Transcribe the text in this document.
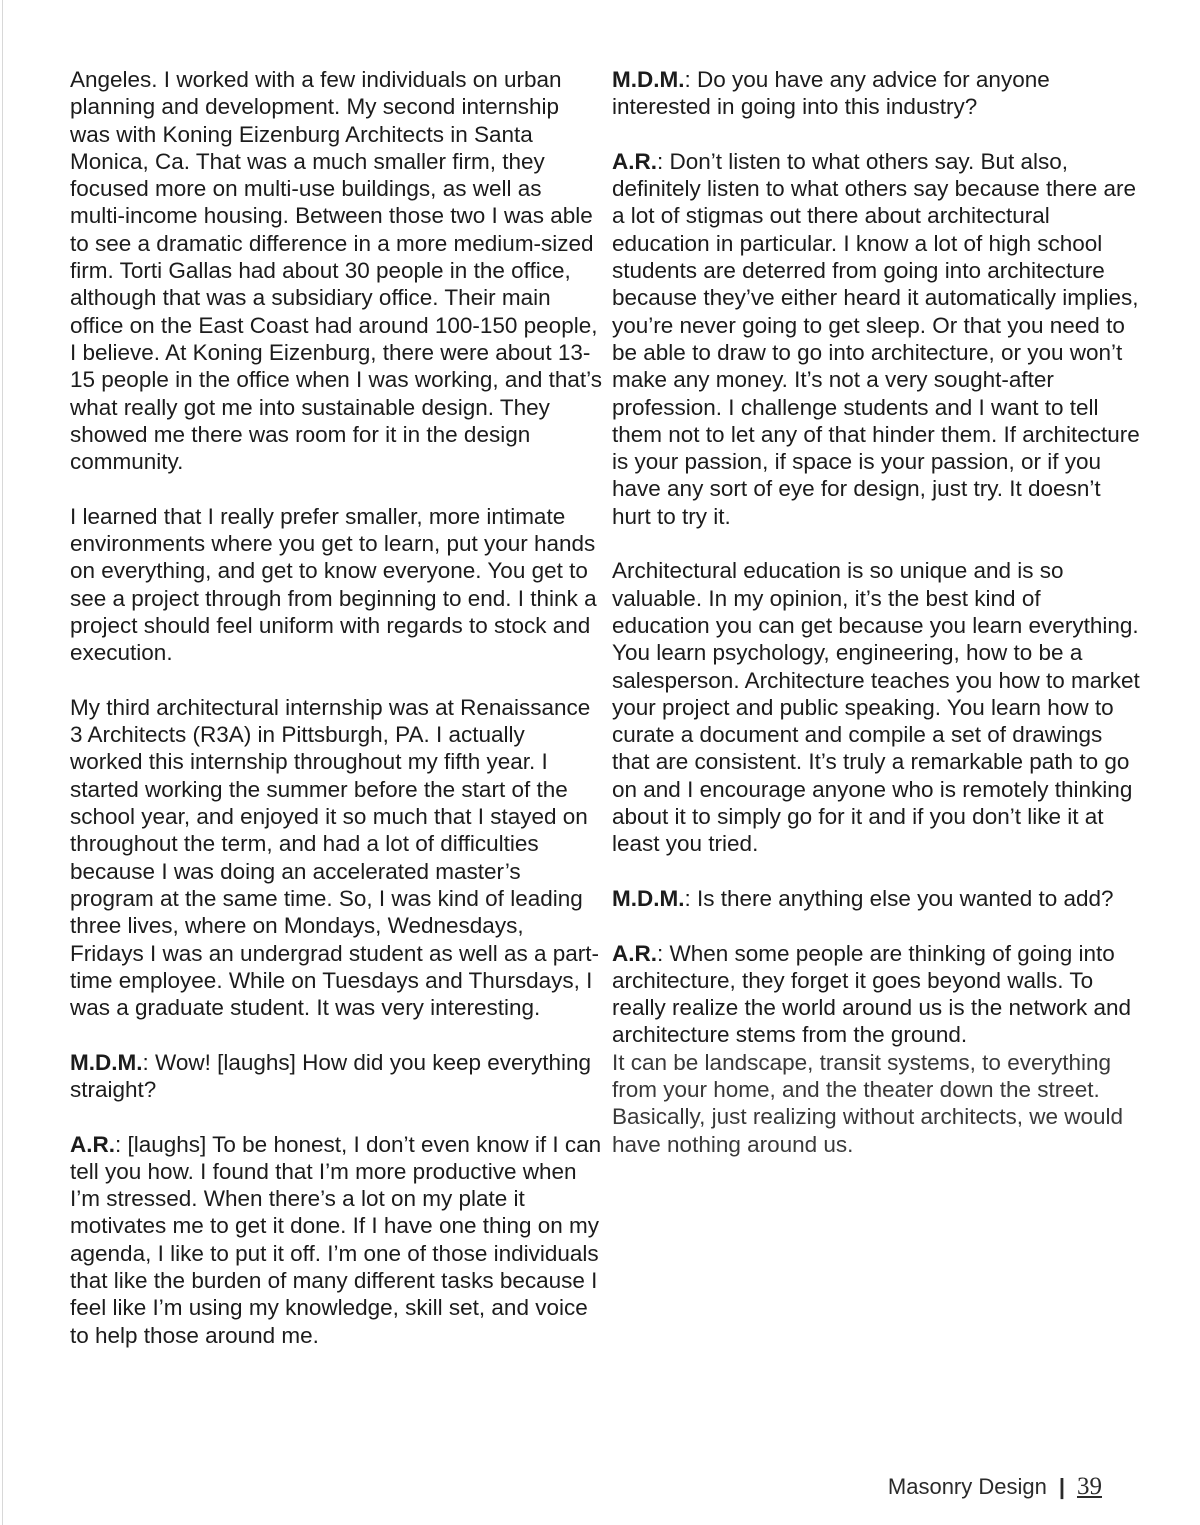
Angeles. I worked with a few individuals on urban planning and development. My second internship was with Koning Eizenburg Architects in Santa Monica, Ca. That was a much smaller firm, they focused more on multi-use buildings, as well as multi-income housing. Between those two I was able to see a dramatic difference in a more medium-sized firm. Torti Gallas had about 30 people in the office, although that was a subsidiary office. Their main office on the East Coast had around 100-150 people, I believe. At Koning Eizenburg, there were about 13-15 people in the office when I was working, and that’s what really got me into sustainable design. They showed me there was room for it in the design community.

I learned that I really prefer smaller, more intimate environments where you get to learn, put your hands on everything, and get to know everyone. You get to see a project through from beginning to end. I think a project should feel uniform with regards to stock and execution.

My third architectural internship was at Renaissance 3 Architects (R3A) in Pittsburgh, PA. I actually worked this internship throughout my fifth year. I started working the summer before the start of the school year, and enjoyed it so much that I stayed on throughout the term, and had a lot of difficulties because I was doing an accelerated master’s program at the same time. So, I was kind of leading three lives, where on Mondays, Wednesdays, Fridays I was an undergrad student as well as a part-time employee. While on Tuesdays and Thursdays, I was a graduate student. It was very interesting.

M.D.M.: Wow! [laughs] How did you keep everything straight?

A.R.: [laughs] To be honest, I don’t even know if I can tell you how. I found that I’m more productive when I’m stressed. When there’s a lot on my plate it motivates me to get it done. If I have one thing on my agenda, I like to put it off. I’m one of those individuals that like the burden of many different tasks because I feel like I’m using my knowledge, skill set, and voice to help those around me.

M.D.M.: Do you have any advice for anyone interested in going into this industry?

A.R.: Don’t listen to what others say. But also, definitely listen to what others say because there are a lot of stigmas out there about architectural education in particular. I know a lot of high school students are deterred from going into architecture because they’ve either heard it automatically implies, you’re never going to get sleep. Or that you need to be able to draw to go into architecture, or you won’t make any money. It’s not a very sought-after profession. I challenge students and I want to tell them not to let any of that hinder them. If architecture is your passion, if space is your passion, or if you have any sort of eye for design, just try. It doesn’t hurt to try it.

Architectural education is so unique and is so valuable. In my opinion, it’s the best kind of education you can get because you learn everything. You learn psychology, engineering, how to be a salesperson. Architecture teaches you how to market your project and public speaking. You learn how to curate a document and compile a set of drawings that are consistent. It’s truly a remarkable path to go on and I encourage anyone who is remotely thinking about it to simply go for it and if you don’t like it at least you tried.

M.D.M.: Is there anything else you wanted to add?

A.R.: When some people are thinking of going into architecture, they forget it goes beyond walls. To really realize the world around us is the network and architecture stems from the ground.
It can be landscape, transit systems, to everything from your home, and the theater down the street. Basically, just realizing without architects, we would have nothing around us.

Masonry Design | 39
